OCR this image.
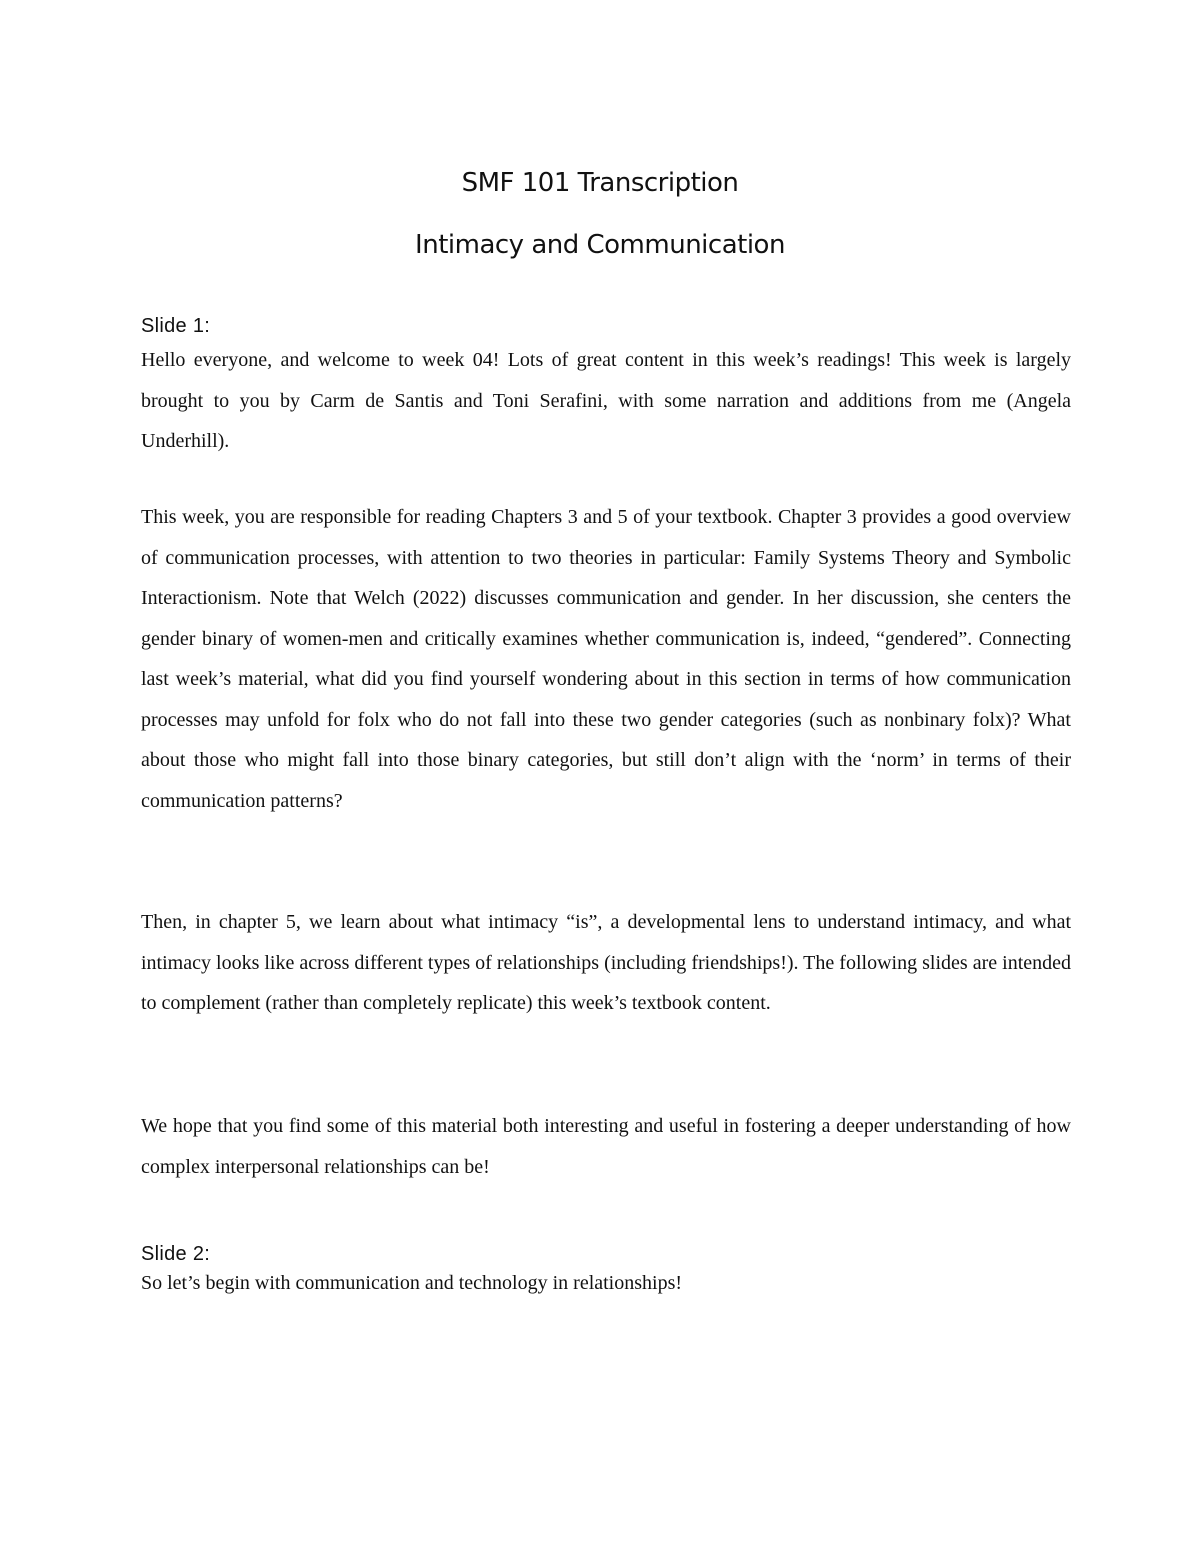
SMF 101 Transcription
Intimacy and Communication

Slide 1:

Hello everyone, and welcome to week 04! Lots of great content in this week’s readings! This week is largely brought to you by Carm de Santis and Toni Serafini, with some narration and additions from me (Angela Underhill).

This week, you are responsible for reading Chapters 3 and 5 of your textbook. Chapter 3 provides a good overview of communication processes, with attention to two theories in particular: Family Systems Theory and Symbolic Interactionism. Note that Welch (2022) discusses communication and gender. In her discussion, she centers the gender binary of women-men and critically examines whether communication is, indeed, “gendered”. Connecting last week’s material, what did you find yourself wondering about in this section in terms of how communication processes may unfold for folx who do not fall into these two gender categories (such as nonbinary folx)? What about those who might fall into those binary categories, but still don’t align with the ‘norm’ in terms of their communication patterns?

Then, in chapter 5, we learn about what intimacy “is”, a developmental lens to understand intimacy, and what intimacy looks like across different types of relationships (including friendships!). The following slides are intended to complement (rather than completely replicate) this week’s textbook content.

We hope that you find some of this material both interesting and useful in fostering a deeper understanding of how complex interpersonal relationships can be!

Slide 2:

So let’s begin with communication and technology in relationships!
